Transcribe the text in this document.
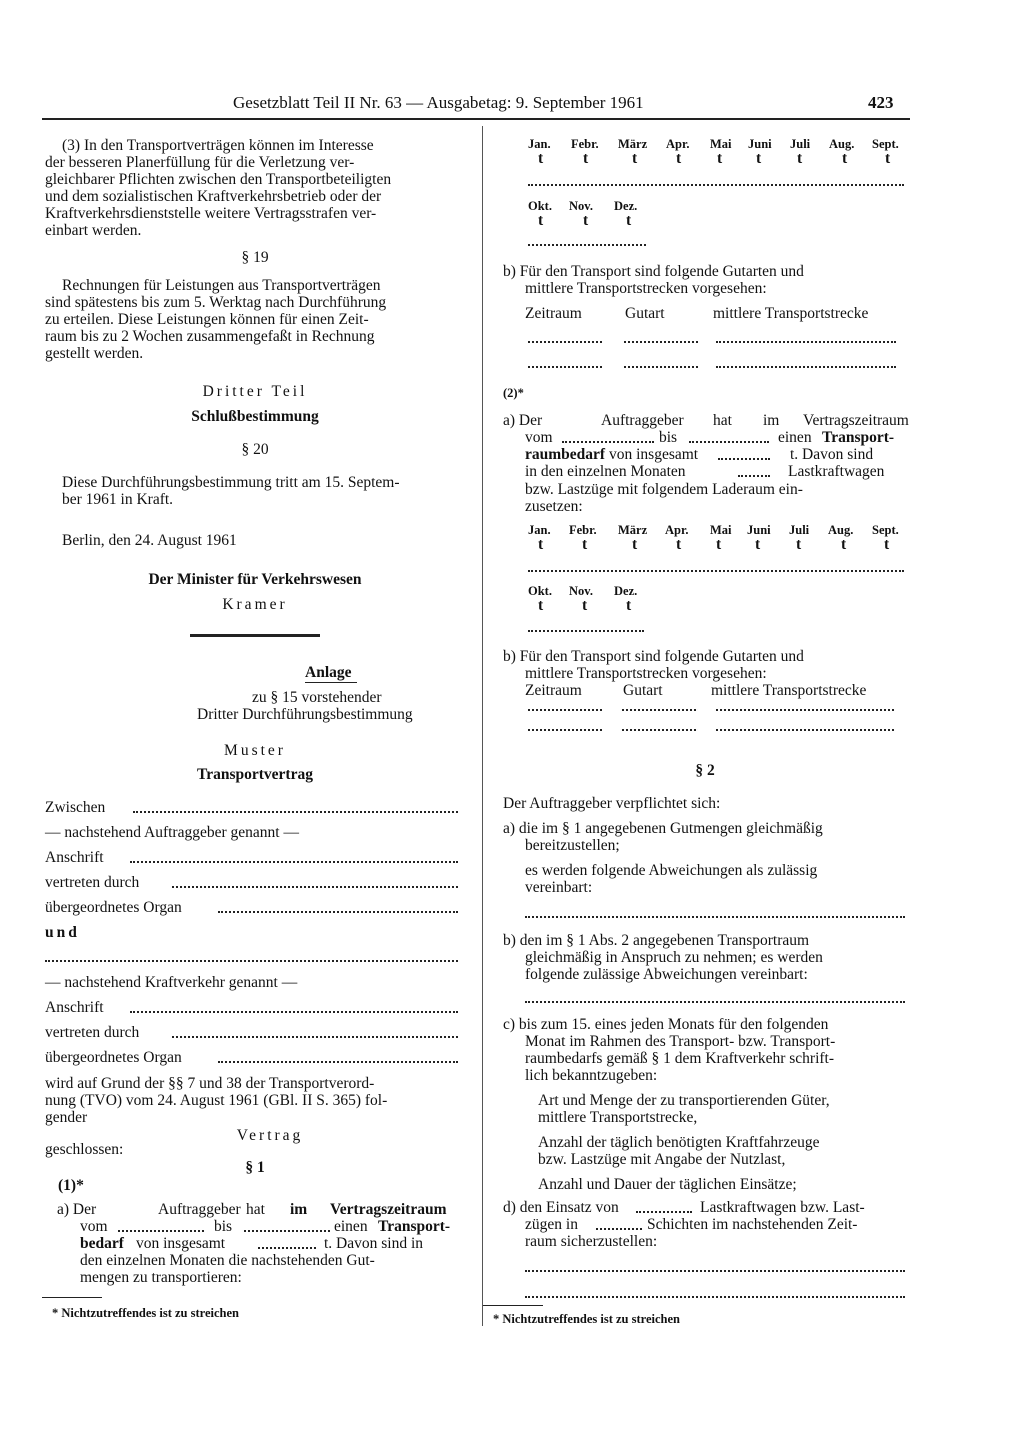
Gesetzblatt Teil II Nr. 63 — Ausgabetag: 9. September 1961	423
(3) In den Transportverträgen können im Interesse
der besseren Planerfüllung für die Verletzung ver-
gleichbarer Pflichten zwischen den Transportbeteiligten
und dem sozialistischen Kraftverkehrsbetrieb oder der
Kraftverkehrsdienststelle weitere Vertragsstrafen ver-
einbart werden.
§ 19
Rechnungen für Leistungen aus Transportverträgen
sind spätestens bis zum 5. Werktag nach Durchführung
zu erteilen. Diese Leistungen können für einen Zeit-
raum bis zu 2 Wochen zusammengefaßt in Rechnung
gestellt werden.
Dritter Teil
Schlußbestimmung
§ 20
Diese Durchführungsbestimmung tritt am 15. Septem-
ber 1961 in Kraft.
Berlin, den 24. August 1961
Der Minister für Verkehrswesen
Kramer
Anlage
zu § 15 vorstehender
Dritter Durchführungsbestimmung
Muster
Transportvertrag
Zwischen
— nachstehend Auftraggeber genannt —
Anschrift
vertreten durch
übergeordnetes Organ
und
— nachstehend Kraftverkehr genannt —
Anschrift
vertreten durch
übergeordnetes Organ
wird auf Grund der §§ 7 und 38 der Transportverord-
nung (TVO) vom 24. August 1961 (GBl. II S. 365) fol-
gender
Vertrag
geschlossen:
§ 1
(1)*
a) Der	Auftraggeber hat im Vertragszeitraum
vom	bis	einen Transport-
bedarf von insgesamt	t. Davon sind in
den einzelnen Monaten die nachstehenden Gut-
mengen zu transportieren:
* Nichtzutreffendes ist zu streichen
Jan. Febr. März Apr. Mai Juni Juli Aug. Sept.
t	t	t	t t t t	t t
Okt. Nov. Dez.
t	t t
b) Für den Transport sind folgende Gutarten und
mittlere Transportstrecken vorgesehen:
Zeitraum	Gutart	mittlere Transportstrecke
(2)*
a) Der	Auftraggeber hat im Vertragszeitraum
vom	bis	einen Transport-
raumbedarf von insgesamt	t. Davon sind
in den einzelnen Monaten	Lastkraftwagen
bzw. Lastzüge mit folgendem Laderaum ein-
zusetzen:
Jan. Febr. März Apr. Mai Juni Juli Aug. Sept.
t	t	t	t t t t	t t
Okt. Nov. Dez.
t	t	t
b) Für den Transport sind folgende Gutarten und
mittlere Transportstrecken vorgesehen:
Zeitraum	Gutart	mittlere Transportstrecke
§ 2
Der Auftraggeber verpflichtet sich:
a) die im § 1 angegebenen Gutmengen gleichmäßig
bereitzustellen;
es werden folgende Abweichungen als zulässig
vereinbart:
b) den im § 1 Abs. 2 angegebenen Transportraum
gleichmäßig in Anspruch zu nehmen; es werden
folgende zulässige Abweichungen vereinbart:
c) bis zum 15. eines jeden Monats für den folgenden
Monat im Rahmen des Transport- bzw. Transport-
raumbedarfs gemäß § 1 dem Kraftverkehr schrift-
lich bekanntzugeben:
Art und Menge der zu transportierenden Güter,
mittlere Transportstrecke,
Anzahl der täglich benötigten Kraftfahrzeuge
bzw. Lastzüge mit Angabe der Nutzlast,
Anzahl und Dauer der täglichen Einsätze;
d) den Einsatz von	Lastkraftwagen bzw. Last-
zügen in	Schichten im nachstehenden Zeit-
raum sicherzustellen:
* Nichtzutreffendes ist zu streichen
